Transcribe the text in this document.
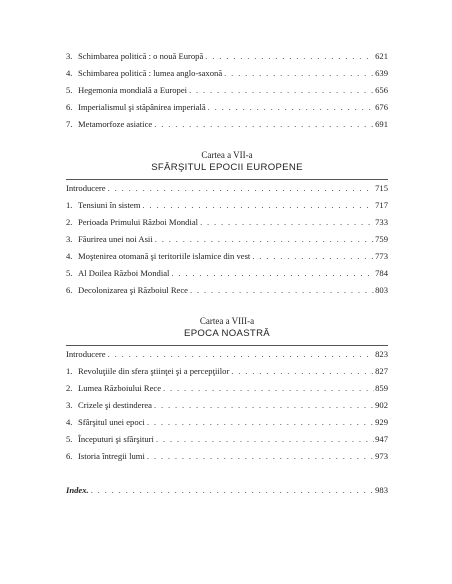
3. Schimbarea politică : o nouă Europă . . .	621
4. Schimbarea politică : lumea anglo-saxonă . . .	639
5. Hegemonia mondială a Europei . . .	656
6. Imperialismul şi stăpânirea imperială . . .	676
7. Metamorfoze asiatice . . .	691
Cartea a VII-a
SFÂRŞITUL EPOCII EUROPENE
Introducere . . .	715
1. Tensiuni în sistem . . .	717
2. Perioada Primului Război Mondial . . .	733
3. Făurirea unei noi Asii . . .	759
4. Moştenirea otomană şi teritoriile islamice din vest . . .	773
5. Al Doilea Război Mondial . . .	784
6. Decolonizarea şi Războiul Rece . . .	803
Cartea a VIII-a
EPOCA NOASTRĂ
Introducere . . .	823
1. Revoluţiile din sfera ştiinţei şi a percepţiilor . . .	827
2. Lumea Războiului Rece . . .	859
3. Crizele şi destinderea . . .	902
4. Sfârşitul unei epoci . . .	929
5. Începuturi şi sfârşituri . . .	947
6. Istoria întregii lumi . . .	973
Index. . . .	983
